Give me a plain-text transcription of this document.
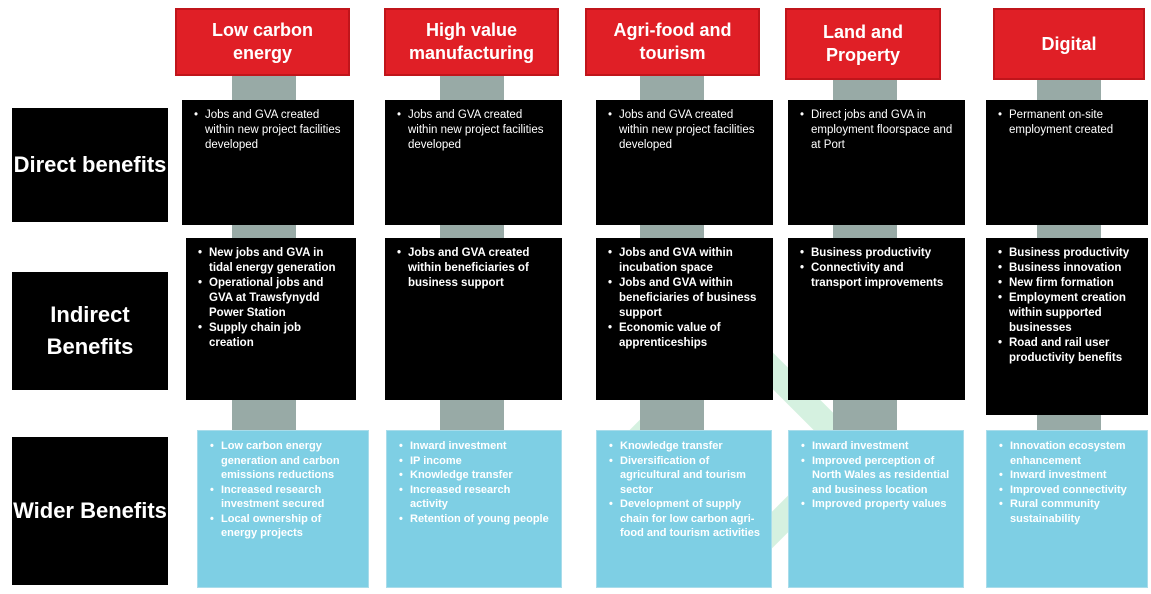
Direct benefits
Indirect Benefits
Wider Benefits
Low carbon energy
High value manufacturing
Agri-food and tourism
Land and Property
Digital
• Jobs and GVA created within new project facilities developed
• Jobs and GVA created within new project facilities developed
• Jobs and GVA created within new project facilities developed
• Direct jobs and GVA in employment floorspace and at Port
• Permanent on-site employment created
• New jobs and GVA in tidal energy generation
• Operational jobs and GVA at Trawsfynydd Power Station
• Supply chain job creation
• Jobs and GVA created within beneficiaries of business support
• Jobs and GVA within incubation space
• Jobs and GVA within beneficiaries of business support
• Economic value of apprenticeships
• Business productivity
• Connectivity and transport improvements
• Business productivity
• Business innovation
• New firm formation
• Employment creation within supported businesses
• Road and rail user productivity benefits
• Low carbon energy generation and carbon emissions reductions
• Increased research investment secured
• Local ownership of energy projects
• Inward investment
• IP income
• Knowledge transfer
• Increased research activity
• Retention of young people
• Knowledge transfer
• Diversification of agricultural and tourism sector
• Development of supply chain for low carbon agri-food and tourism activities
• Inward investment
• Improved perception of North Wales as residential and business location
• Improved property values
• Innovation ecosystem enhancement
• Inward investment
• Improved connectivity
• Rural community sustainability
